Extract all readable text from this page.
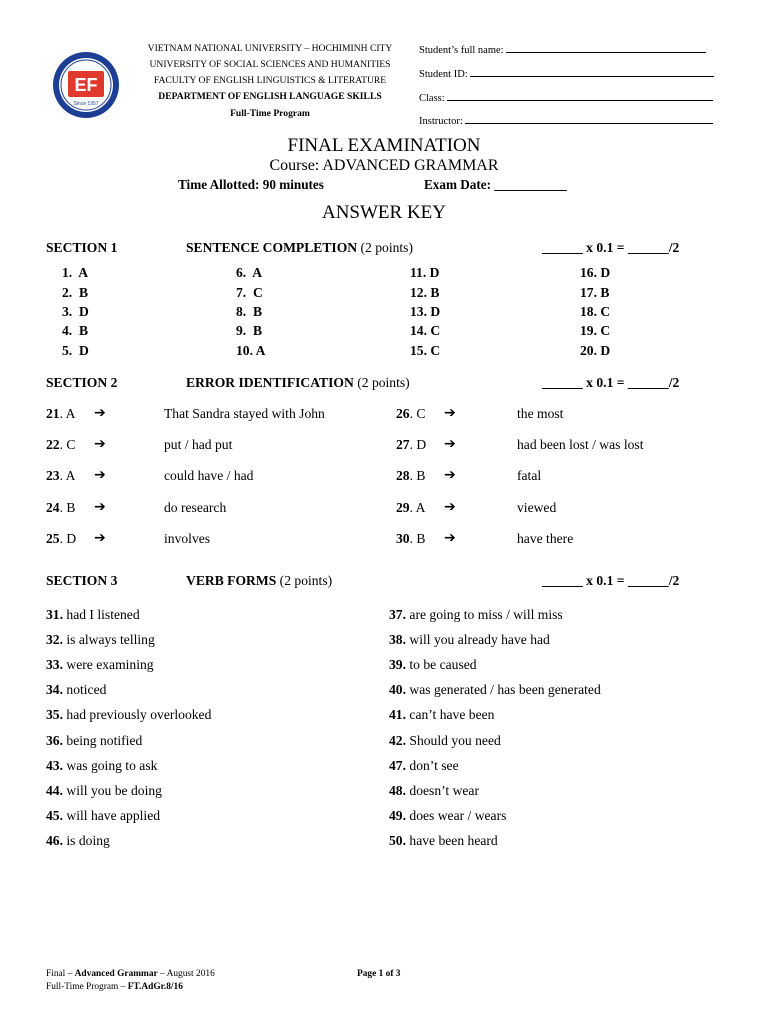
EF
Since 1957
VIETNAM NATIONAL UNIVERSITY – HOCHIMINH CITY
UNIVERSITY OF SOCIAL SCIENCES AND HUMANITIES
FACULTY OF ENGLISH LINGUISTICS & LITERATURE
DEPARTMENT OF ENGLISH LANGUAGE SKILLS
Full-Time Program
Student’s full name:
Student ID:
Class:
Instructor:
FINAL EXAMINATION
Course: ADVANCED GRAMMAR
Time Allotted: 90 minutes	Exam Date: ___________
ANSWER KEY
SECTION 1	SENTENCE COMPLETION (2 points)	______ x 0.1 = ______/2
1.  A
2.  B
3.  D
4.  B
5.  D
6.  A
7.  C
8.  B
9.  B
10. A
11. D
12. B
13. D
14. C
15. C
16. D
17. B
18. C
19. C
20. D
SECTION 2	ERROR IDENTIFICATION (2 points)	______ x 0.1 = ______/2
21. A ➔	That Sandra stayed with John
22. C ➔	put / had put
23. A ➔	could have / had
24. B ➔	do research
25. D ➔	involves
26. C ➔	the most
27. D ➔	had been lost / was lost
28. B ➔	fatal
29. A ➔	viewed
30. B ➔	have there
SECTION 3	VERB FORMS (2 points)	______ x 0.1 = ______/2
31. had I listened
32. is always telling
33. were examining
34. noticed
35. had previously overlooked
36. being notified
43. was going to ask
44. will you be doing
45. will have applied
46. is doing
37. are going to miss / will miss
38. will you already have had
39. to be caused
40. was generated / has been generated
41. can’t have been
42. Should you need
47. don’t see
48. doesn’t wear
49. does wear / wears
50. have been heard
Final – Advanced Grammar – August 2016
Full-Time Program – FT.AdGr.8/16
Page 1 of 3
